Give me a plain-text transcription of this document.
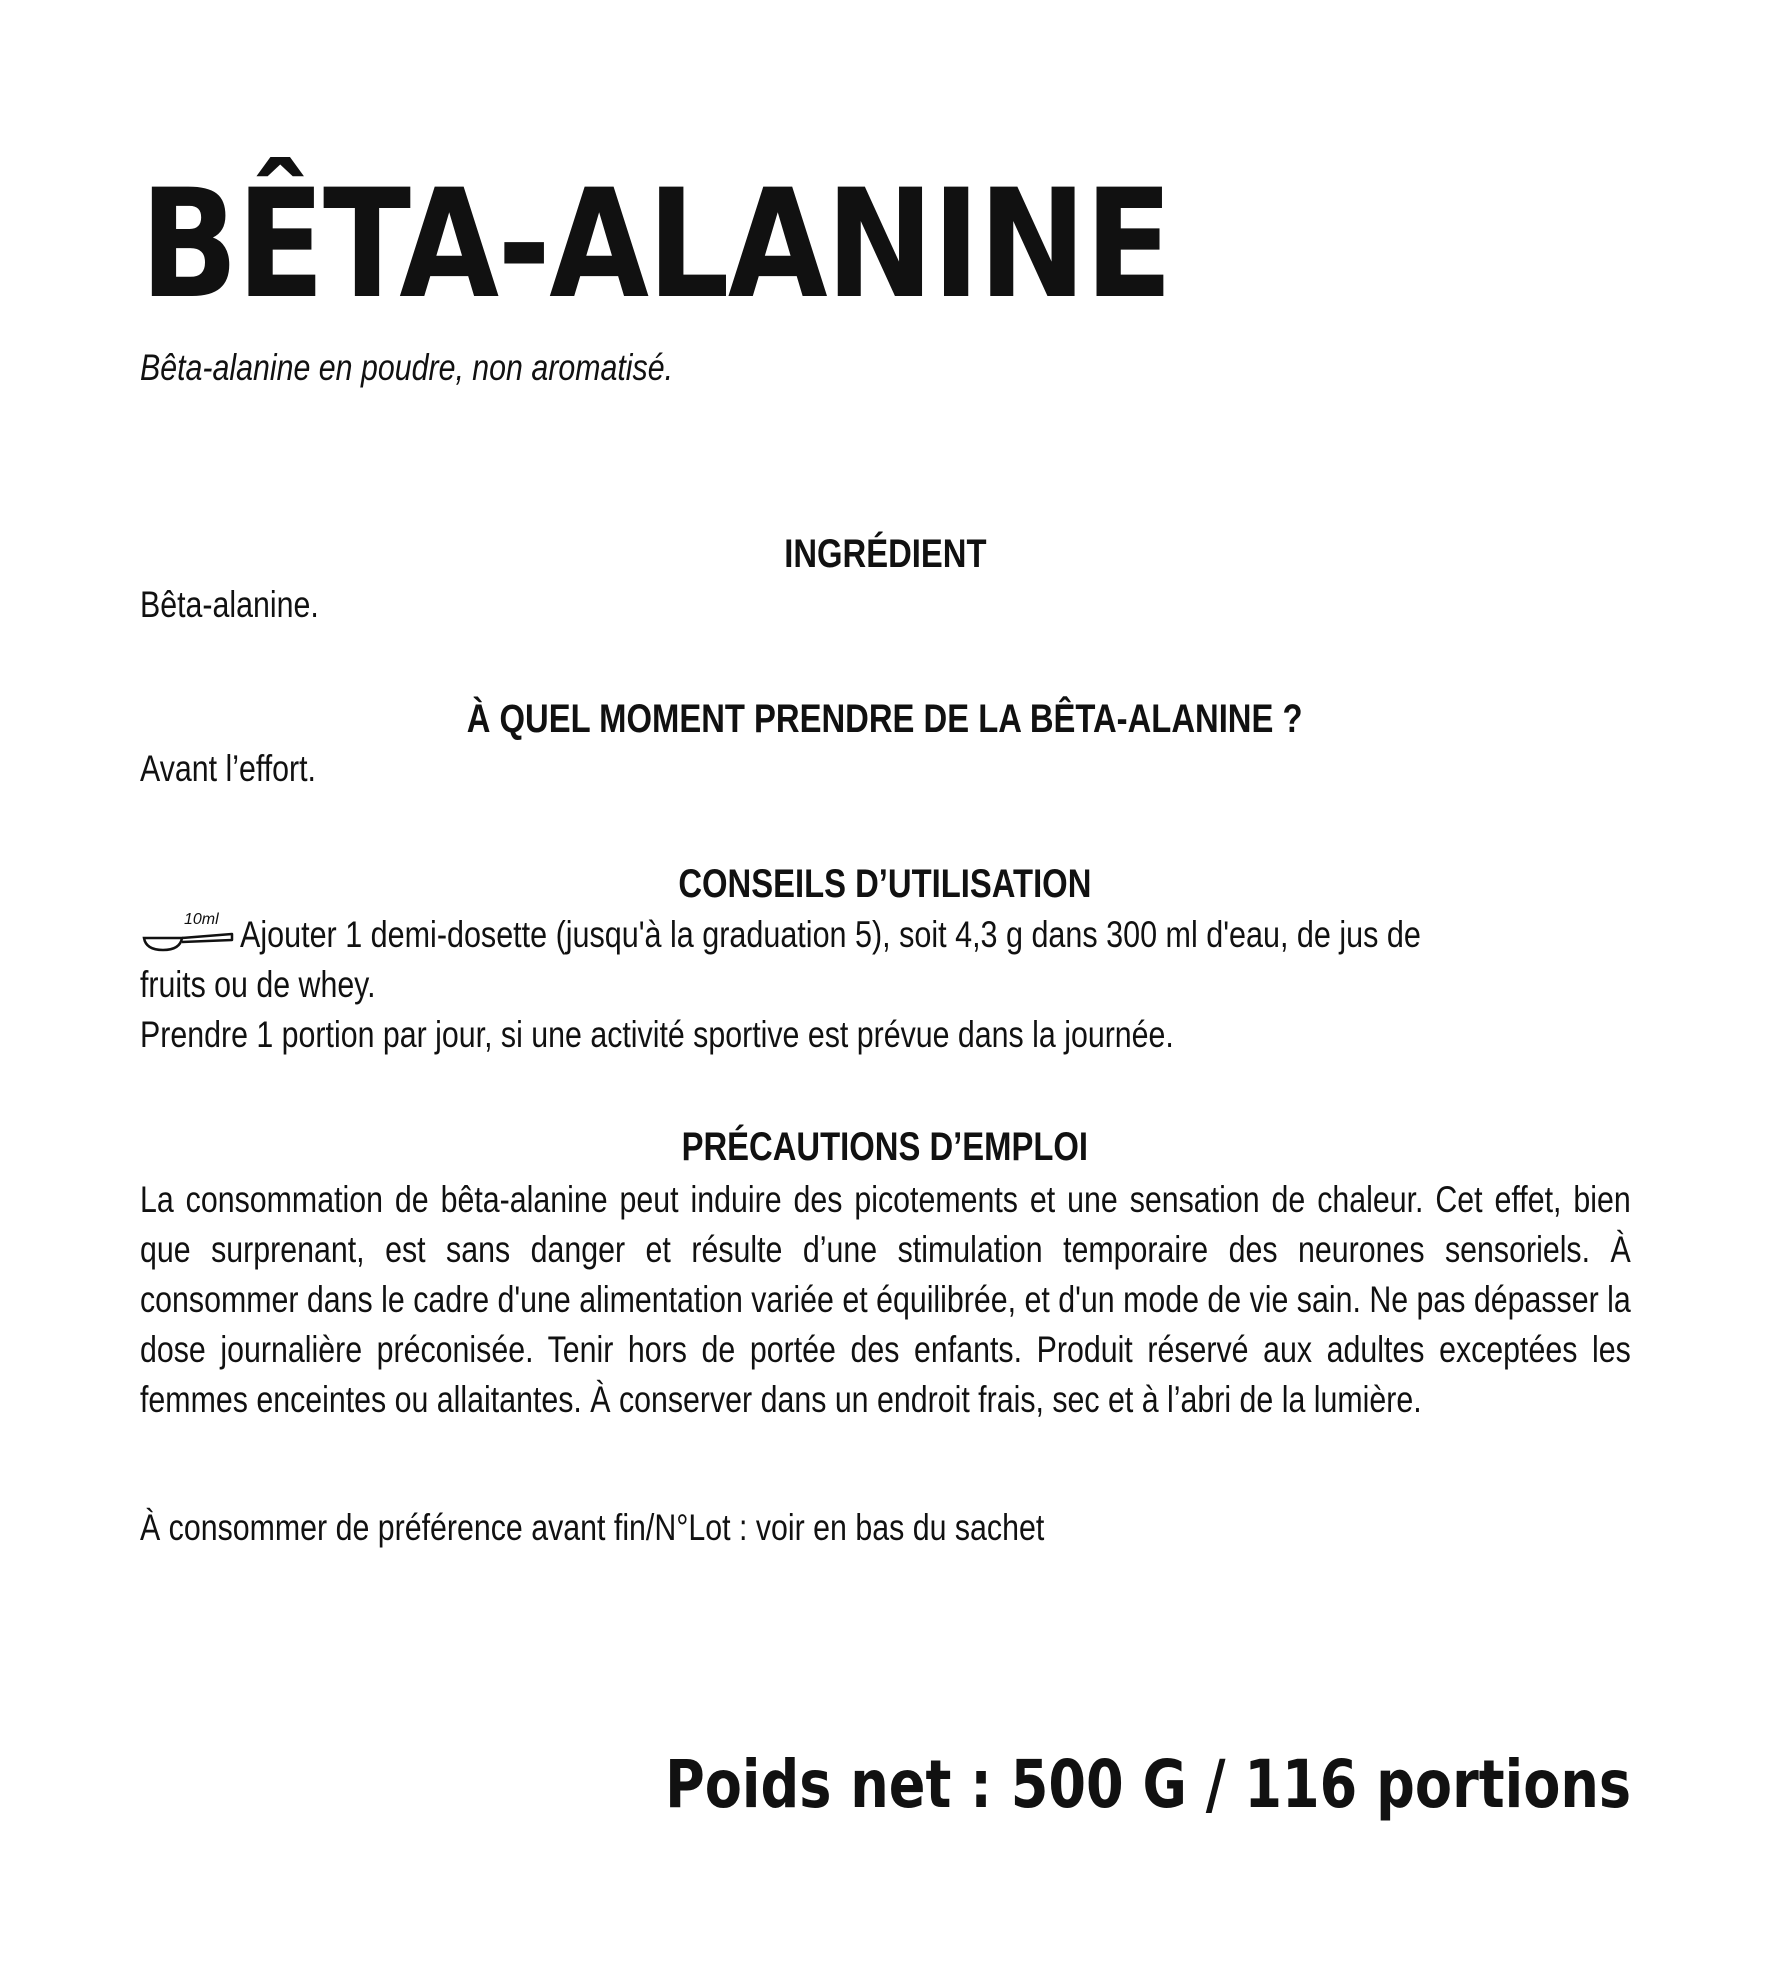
BÊTA-ALANINE

Bêta-alanine en poudre, non aromatisé.

INGRÉDIENT

Bêta-alanine.

À QUEL MOMENT PRENDRE DE LA BÊTA-ALANINE ?

Avant l’effort.

CONSEILS D’UTILISATION
10ml Ajouter 1 demi-dosette (jusqu'à la graduation 5), soit 4,3 g dans 300 ml d'eau, de jus de

fruits ou de whey.

Prendre 1 portion par jour, si une activité sportive est prévue dans la journée.

PRÉCAUTIONS D’EMPLOI

La consommation de bêta-alanine peut induire des picotements et une sensation de chaleur. Cet effet, bien que surprenant, est sans danger et résulte d’une stimulation temporaire des neurones sensoriels. À consommer dans le cadre d'une alimentation variée et équilibrée, et d'un mode de vie sain. Ne pas dépasser la dose journalière préconisée. Tenir hors de portée des enfants. Produit réservé aux adultes exceptées les femmes enceintes ou allaitantes. À conserver dans un endroit frais, sec et à l’abri de la lumière.

À consommer de préférence avant fin/N°Lot : voir en bas du sachet

Poids net : 500 G / 116 portions
